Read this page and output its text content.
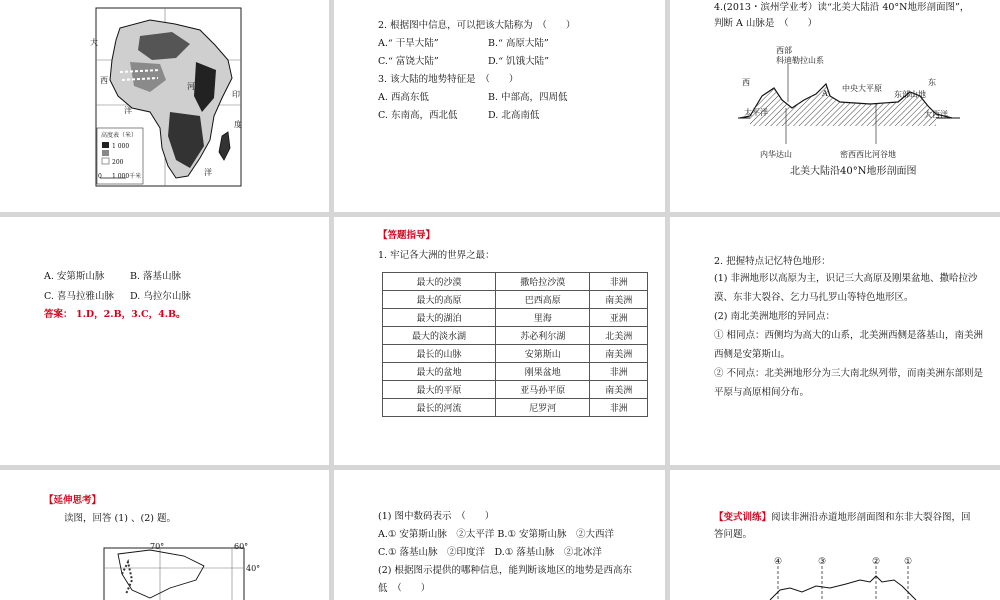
大
西
洋
河
印
度
洋
高度表（米）
1 000
200
0 1 000千米
2. 根据图中信息，可以把该大陆称为　（　　）
A.“ 干旱大陆”	B.“ 高原大陆”
C.“ 富饶大陆”	D.“ 饥饿大陆”
3. 该大陆的地势特征是　（　　）
A. 西高东低	B. 中部高，四周低
C. 东南高，西北低	D. 北高南低
4.(2013・滨州学业考）读“北美大陆沿 40°N地形剖面图”，
判断 A 山脉是　（　　）
西部
科迪勒拉山系
西	东
A
中央大平原
东部山地
太平洋	大西洋
内华达山	密西西比河谷地
北美大陆沿40°N地形剖面图
A. 安第斯山脉	B. 落基山脉
C. 喜马拉雅山脉 D. 乌拉尔山脉
答案： 1.D，2.B，3.C，4.B。
【答题指导】
1. 牢记各大洲的世界之最：
最大的沙漠	撒哈拉沙漠	非洲
最大的高原	巴西高原	南美洲
最大的湖泊	里海	亚洲
最大的淡水湖	苏必利尔湖	北美洲
最长的山脉	安第斯山	南美洲
最大的盆地	刚果盆地	非洲
最大的平原	亚马孙平原	南美洲
最长的河流	尼罗河	非洲
2. 把握特点记忆特色地形：
(1) 非洲地形以高原为主，识记三大高原及刚果盆地、撒哈拉沙漠、东非大裂谷、乞力马扎罗山等特色地形区。
(2) 南北美洲地形的异同点：
① 相同点：西侧均为高大的山系，北美洲西侧是落基山，南美洲西侧是安第斯山。
② 不同点：北美洲地形分为三大南北纵列带，而南美洲东部则是平原与高原相间分布。
【延伸思考】
读图，回答 (1) 、(2) 题。
70°	60°
40°
(1) 图中数码表示　（　　）
A.① 安第斯山脉　②太平洋 B.① 安第斯山脉　②大西洋
C.① 落基山脉　②印度洋　D.① 落基山脉　②北冰洋
(2) 根据图示提供的哪种信息，能判断该地区的地势是西高东
低　（　　）
【变式训练】阅读非洲沿赤道地形剖面图和东非大裂谷图，回
答问题。
④	③	②	①
